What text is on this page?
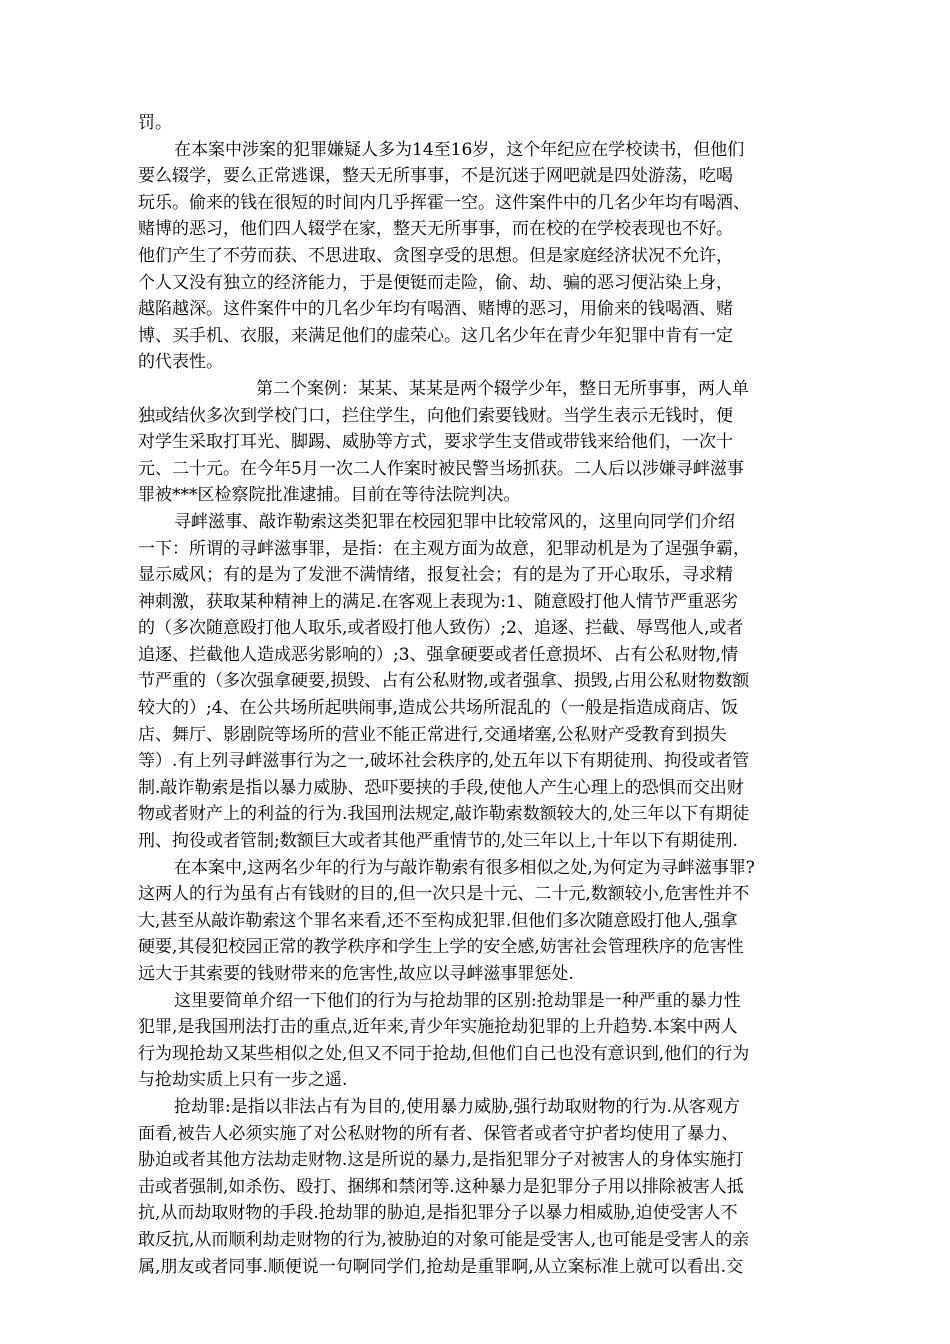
罚。
在本案中涉案的犯罪嫌疑人多为14至16岁，这个年纪应在学校读书，但他们
要么辍学，要么正常逃课，整天无所事事，不是沉迷于网吧就是四处游荡，吃喝
玩乐。偷来的钱在很短的时间内几乎挥霍一空。这件案件中的几名少年均有喝酒、
赌博的恶习，他们四人辍学在家，整天无所事事，而在校的在学校表现也不好。
他们产生了不劳而获、不思进取、贪图享受的思想。但是家庭经济状况不允许，
个人又没有独立的经济能力，于是便铤而走险，偷、劫、骗的恶习便沾染上身，
越陷越深。这件案件中的几名少年均有喝酒、赌博的恶习，用偷来的钱喝酒、赌
博、买手机、衣服，来满足他们的虚荣心。这几名少年在青少年犯罪中肯有一定
的代表性。
第二个案例：某某、某某是两个辍学少年，整日无所事事，两人单
独或结伙多次到学校门口，拦住学生，向他们索要钱财。当学生表示无钱时，便
对学生采取打耳光、脚踢、威胁等方式，要求学生支借或带钱来给他们，一次十
元、二十元。在今年5月一次二人作案时被民警当场抓获。二人后以涉嫌寻衅滋事
罪被***区检察院批准逮捕。目前在等待法院判决。
寻衅滋事、敲诈勒索这类犯罪在校园犯罪中比较常风的，这里向同学们介绍
一下：所谓的寻衅滋事罪，是指：在主观方面为故意，犯罪动机是为了逞强争霸，
显示威风；有的是为了发泄不满情绪，报复社会；有的是为了开心取乐，寻求精
神刺激，获取某种精神上的满足.在客观上表现为:1、随意殴打他人情节严重恶劣
的（多次随意殴打他人取乐,或者殴打他人致伤）;2、追逐、拦截、辱骂他人,或者
追逐、拦截他人造成恶劣影响的）;3、强拿硬要或者任意损坏、占有公私财物,情
节严重的（多次强拿硬要,损毁、占有公私财物,或者强拿、损毁,占用公私财物数额
较大的）;4、在公共场所起哄闹事,造成公共场所混乱的（一般是指造成商店、饭
店、舞厅、影剧院等场所的营业不能正常进行,交通堵塞,公私财产受教育到损失
等）.有上列寻衅滋事行为之一,破坏社会秩序的,处五年以下有期徒刑、拘役或者管
制.敲诈勒索是指以暴力威胁、恐吓要挟的手段,使他人产生心理上的恐惧而交出财
物或者财产上的利益的行为.我国刑法规定,敲诈勒索数额较大的,处三年以下有期徒
刑、拘役或者管制;数额巨大或者其他严重情节的,处三年以上,十年以下有期徒刑.
在本案中,这两名少年的行为与敲诈勒索有很多相似之处,为何定为寻衅滋事罪?
这两人的行为虽有占有钱财的目的,但一次只是十元、二十元,数额较小,危害性并不
大,甚至从敲诈勒索这个罪名来看,还不至构成犯罪.但他们多次随意殴打他人,强拿
硬要,其侵犯校园正常的教学秩序和学生上学的安全感,妨害社会管理秩序的危害性
远大于其索要的钱财带来的危害性,故应以寻衅滋事罪惩处.
这里要简单介绍一下他们的行为与抢劫罪的区别:抢劫罪是一种严重的暴力性
犯罪,是我国刑法打击的重点,近年来,青少年实施抢劫犯罪的上升趋势.本案中两人
行为现抢劫又某些相似之处,但又不同于抢劫,但他们自己也没有意识到,他们的行为
与抢劫实质上只有一步之遥.
抢劫罪:是指以非法占有为目的,使用暴力威胁,强行劫取财物的行为.从客观方
面看,被告人必须实施了对公私财物的所有者、保管者或者守护者均使用了暴力、
胁迫或者其他方法劫走财物.这是所说的暴力,是指犯罪分子对被害人的身体实施打
击或者强制,如杀伤、殴打、捆绑和禁闭等.这种暴力是犯罪分子用以排除被害人抵
抗,从而劫取财物的手段.抢劫罪的胁迫,是指犯罪分子以暴力相威胁,迫使受害人不
敢反抗,从而顺利劫走财物的行为,被胁迫的对象可能是受害人,也可能是受害人的亲
属,朋友或者同事.顺便说一句啊同学们,抢劫是重罪啊,从立案标准上就可以看出.交
